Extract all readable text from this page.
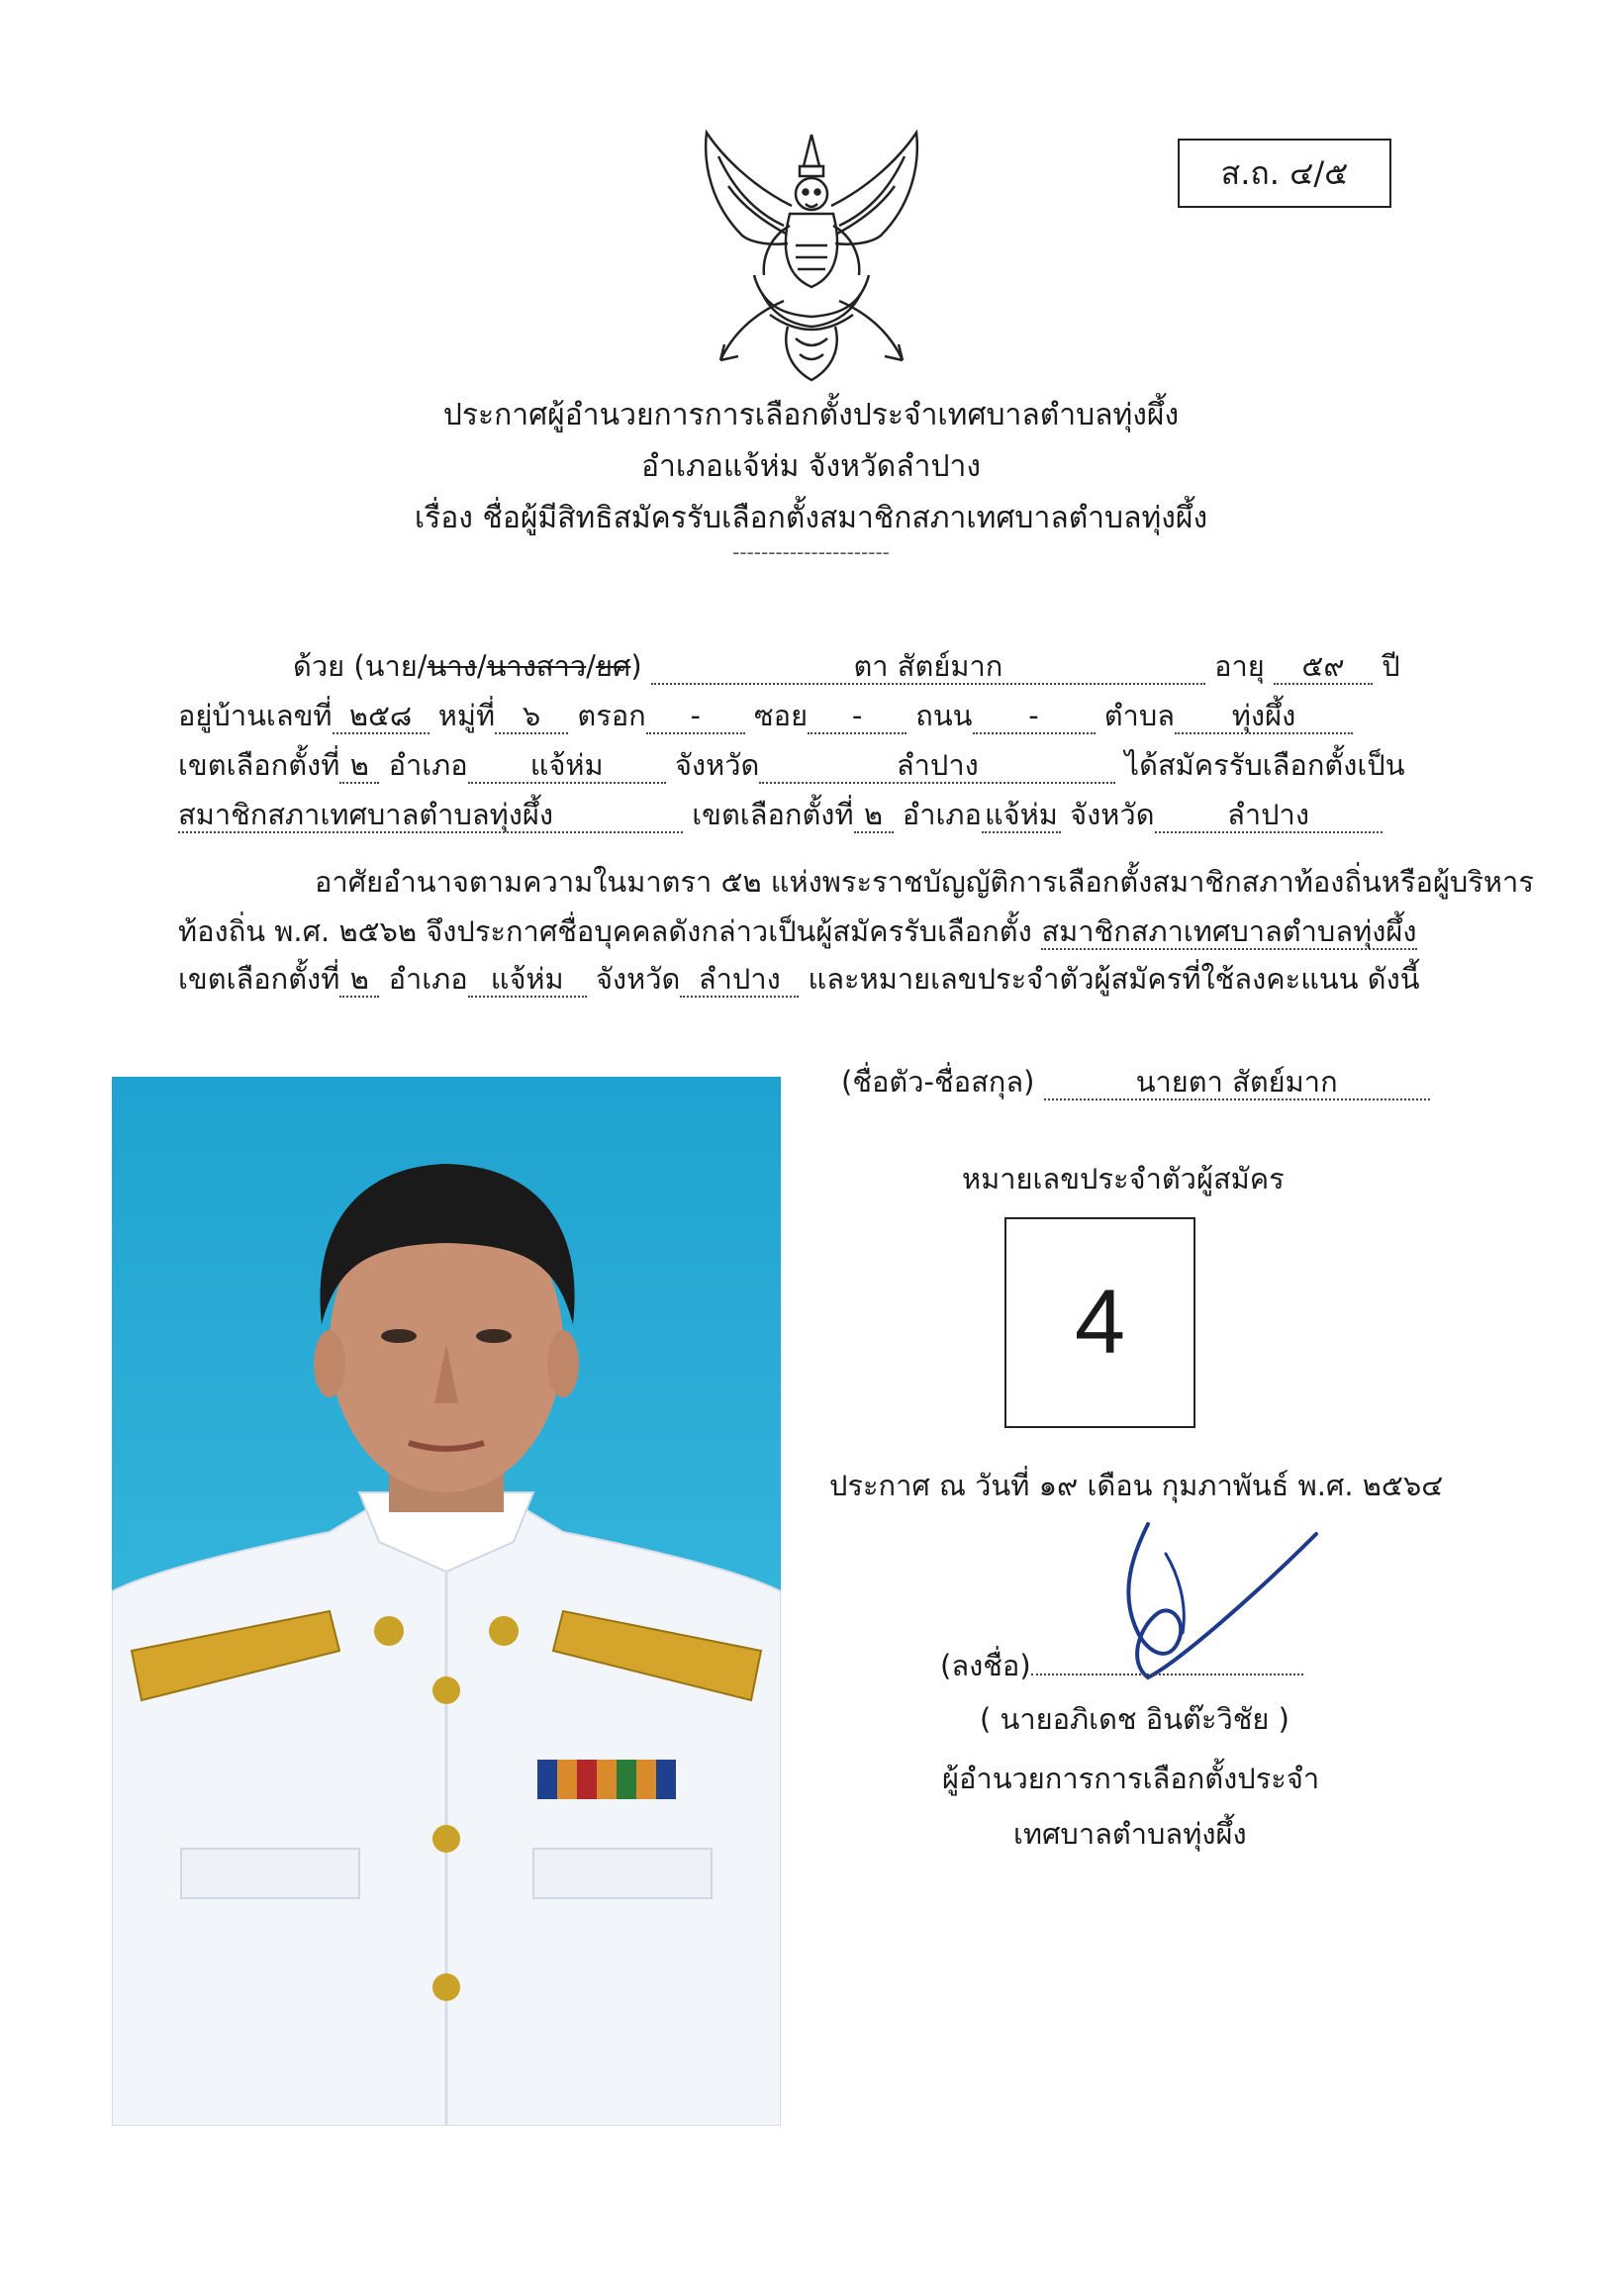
ส.ถ. ๔/๕
ประกาศผู้อำนวยการการเลือกตั้งประจำเทศบาลตำบลทุ่งผึ้ง
อำเภอแจ้ห่ม จังหวัดลำปาง
เรื่อง ชื่อผู้มีสิทธิสมัครรับเลือกตั้งสมาชิกสภาเทศบาลตำบลทุ่งผึ้ง
----------------------
ด้วย (นาย/นาง/นางสาว/ยศ)	ตา สัตย์มาก	อายุ ๕๙ ปี
อยู่บ้านเลขที่ ๒๕๘ หมู่ที่ ๖ ตรอก - ซอย - ถนน - ตำบล ทุ่งผึ้ง
เขตเลือกตั้งที่ ๒ อำเภอ แจ้ห่ม จังหวัด	ลำปาง	ได้สมัครรับเลือกตั้งเป็น
สมาชิกสภาเทศบาลตำบลทุ่งผึ้ง	เขตเลือกตั้งที่ ๒ อำเภอ แจ้ห่ม จังหวัด	ลำปาง
อาศัยอำนาจตามความในมาตรา ๕๒ แห่งพระราชบัญญัติการเลือกตั้งสมาชิกสภาท้องถิ่นหรือผู้บริหาร
ท้องถิ่น พ.ศ. ๒๕๖๒ จึงประกาศชื่อบุคคลดังกล่าวเป็นผู้สมัครรับเลือกตั้ง สมาชิกสภาเทศบาลตำบลทุ่งผึ้ง
เขตเลือกตั้งที่ ๒ อำเภอ แจ้ห่ม จังหวัด ลำปาง และหมายเลขประจำตัวผู้สมัครที่ใช้ลงคะแนน ดังนี้
(ชื่อตัว-ชื่อสกุล)	นายตา สัตย์มาก
หมายเลขประจำตัวผู้สมัคร
4
ประกาศ ณ วันที่ ๑๙ เดือน กุมภาพันธ์ พ.ศ. ๒๕๖๔
(ลงชื่อ)
( นายอภิเดช อินต๊ะวิชัย )
ผู้อำนวยการการเลือกตั้งประจำ
เทศบาลตำบลทุ่งผึ้ง
